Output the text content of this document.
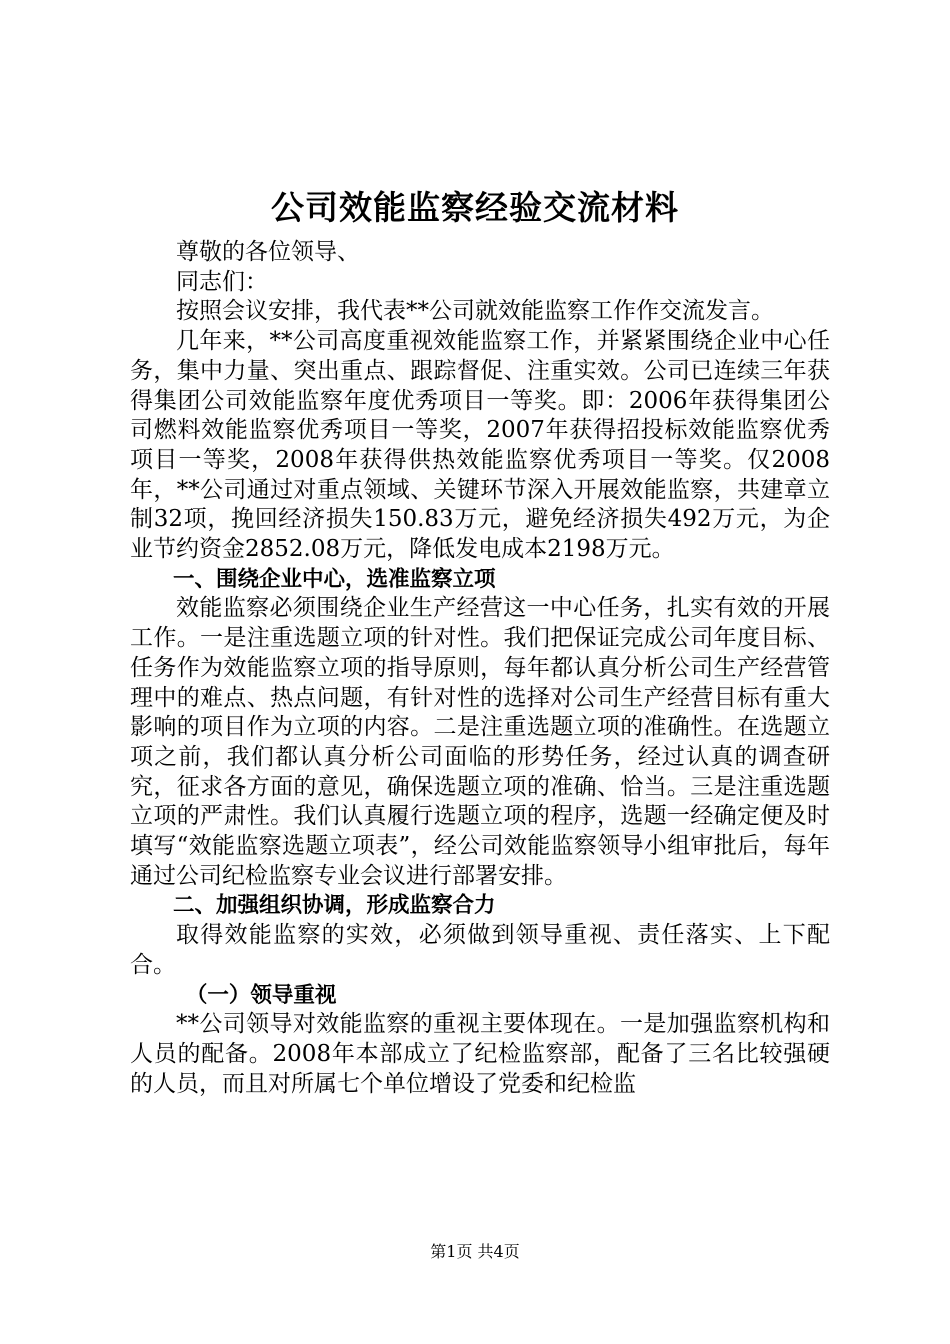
公司效能监察经验交流材料

尊敬的各位领导、

同志们：

按照会议安排，我代表**公司就效能监察工作作交流发言。

几年来，**公司高度重视效能监察工作，并紧紧围绕企业中心任务，集中力量、突出重点、跟踪督促、注重实效。公司已连续三年获得集团公司效能监察年度优秀项目一等奖。即：2006年获得集团公司燃料效能监察优秀项目一等奖，2007年获得招投标效能监察优秀项目一等奖，2008年获得供热效能监察优秀项目一等奖。仅2008年，**公司通过对重点领域、关键环节深入开展效能监察，共建章立制32项，挽回经济损失150.83万元，避免经济损失492万元，为企业节约资金2852.08万元，降低发电成本2198万元。

一、围绕企业中心，选准监察立项

效能监察必须围绕企业生产经营这一中心任务，扎实有效的开展工作。一是注重选题立项的针对性。我们把保证完成公司年度目标、任务作为效能监察立项的指导原则，每年都认真分析公司生产经营管理中的难点、热点问题，有针对性的选择对公司生产经营目标有重大影响的项目作为立项的内容。二是注重选题立项的准确性。在选题立项之前，我们都认真分析公司面临的形势任务，经过认真的调查研究，征求各方面的意见，确保选题立项的准确、恰当。三是注重选题立项的严肃性。我们认真履行选题立项的程序，选题一经确定便及时填写“效能监察选题立项表”，经公司效能监察领导小组审批后，每年通过公司纪检监察专业会议进行部署安排。

二、加强组织协调，形成监察合力

取得效能监察的实效，必须做到领导重视、责任落实、上下配合。

（一）领导重视

**公司领导对效能监察的重视主要体现在。一是加强监察机构和人员的配备。2008年本部成立了纪检监察部，配备了三名比较强硬的人员，而且对所属七个单位增设了党委和纪检监

第1页 共4页
